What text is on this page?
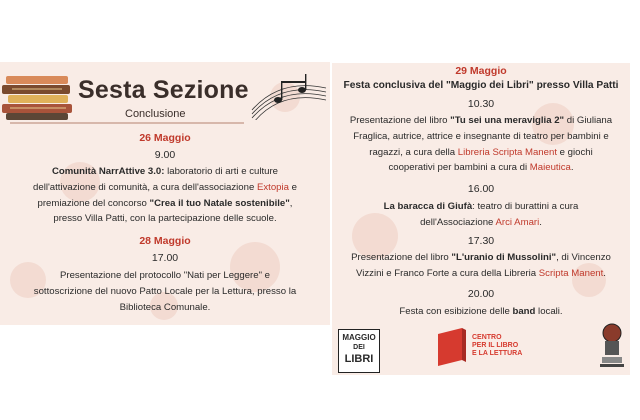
Sesta Sezione
Conclusione
26 Maggio
9.00
Comunità NarrAttive 3.0: laboratorio di arti e culture
dell'attivazione di comunità, a cura dell'associazione Extopia e
premiazione del concorso "Crea il tuo Natale sostenibile",
presso Villa Patti, con la partecipazione delle scuole.
28 Maggio
17.00
Presentazione del protocollo "Nati per Leggere" e
sottoscrizione del nuovo Patto Locale per la Lettura, presso la
Biblioteca Comunale.
29 Maggio
Festa conclusiva del "Maggio dei Libri" presso Villa Patti
10.30
Presentazione del libro "Tu sei una meraviglia 2" di Giuliana
Fraglica, autrice, attrice e insegnante di teatro per bambini e
ragazzi, a cura della Libreria Scripta Manent e giochi
cooperativi per bambini a cura di Maieutica.
16.00
La baracca di Giufà: teatro di burattini a cura
dell'Associazione Arci Amari.
17.30
Presentazione del libro "L'uranio di Mussolini", di Vincenzo
Vizzini e Franco Forte a cura della Libreria Scripta Manent.
20.00
Festa con esibizione delle band locali.
MAGGIO
DEI
LIBRI
CENTRO
PER IL LIBRO
E LA LETTURA
